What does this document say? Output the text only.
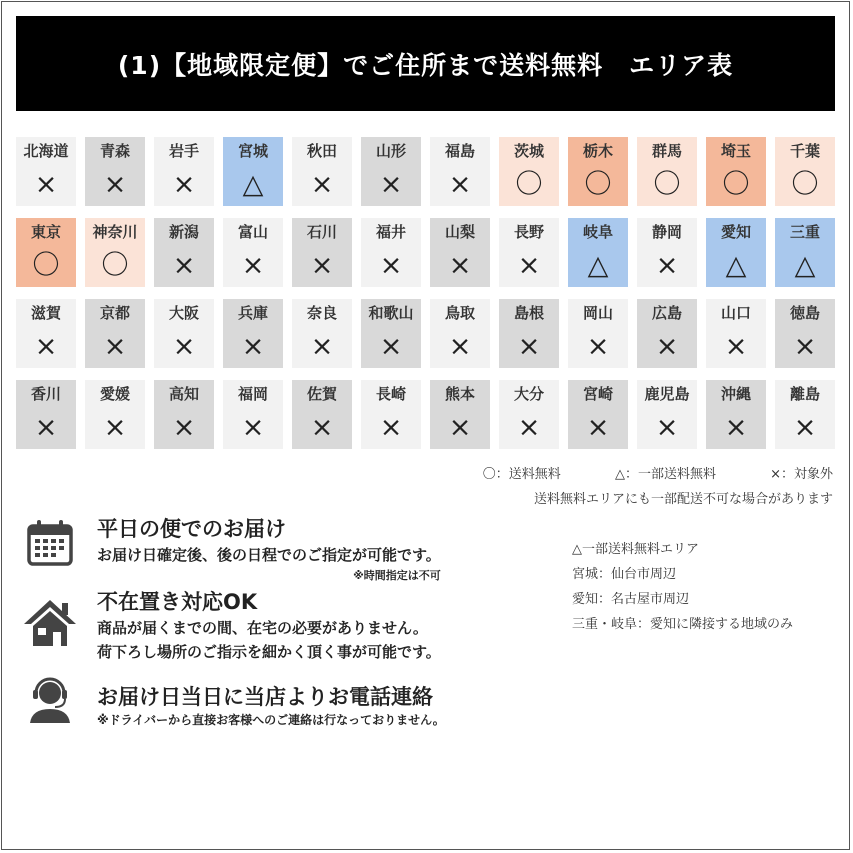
(1)【地域限定便】でご住所まで送料無料　エリア表
北海道
×
青森
×
岩手
×
宮城
△
秋田
×
山形
×
福島
×
茨城
〇
栃木
〇
群馬
〇
埼玉
〇
千葉
〇
東京
〇
神奈川
〇
新潟
×
富山
×
石川
×
福井
×
山梨
×
長野
×
岐阜
△
静岡
×
愛知
△
三重
△
滋賀
×
京都
×
大阪
×
兵庫
×
奈良
×
和歌山
×
鳥取
×
島根
×
岡山
×
広島
×
山口
×
徳島
×
香川
×
愛媛
×
高知
×
福岡
×
佐賀
×
長崎
×
熊本
×
大分
×
宮崎
×
鹿児島
×
沖縄
×
離島
×
〇：送料無料	△：一部送料無料	×：対象外
送料無料エリアにも一部配送不可な場合があります
平日の便でのお届け
お届け日確定後、後の日程でのご指定が可能です。
※時間指定は不可
不在置き対応OK
商品が届くまでの間、在宅の必要がありません。
荷下ろし場所のご指示を細かく頂く事が可能です。
お届け日当日に当店よりお電話連絡
※ドライバーから直接お客様へのご連絡は行なっておりません。
△一部送料無料エリア
宮城：仙台市周辺
愛知：名古屋市周辺
三重・岐阜：愛知に隣接する地域のみ
